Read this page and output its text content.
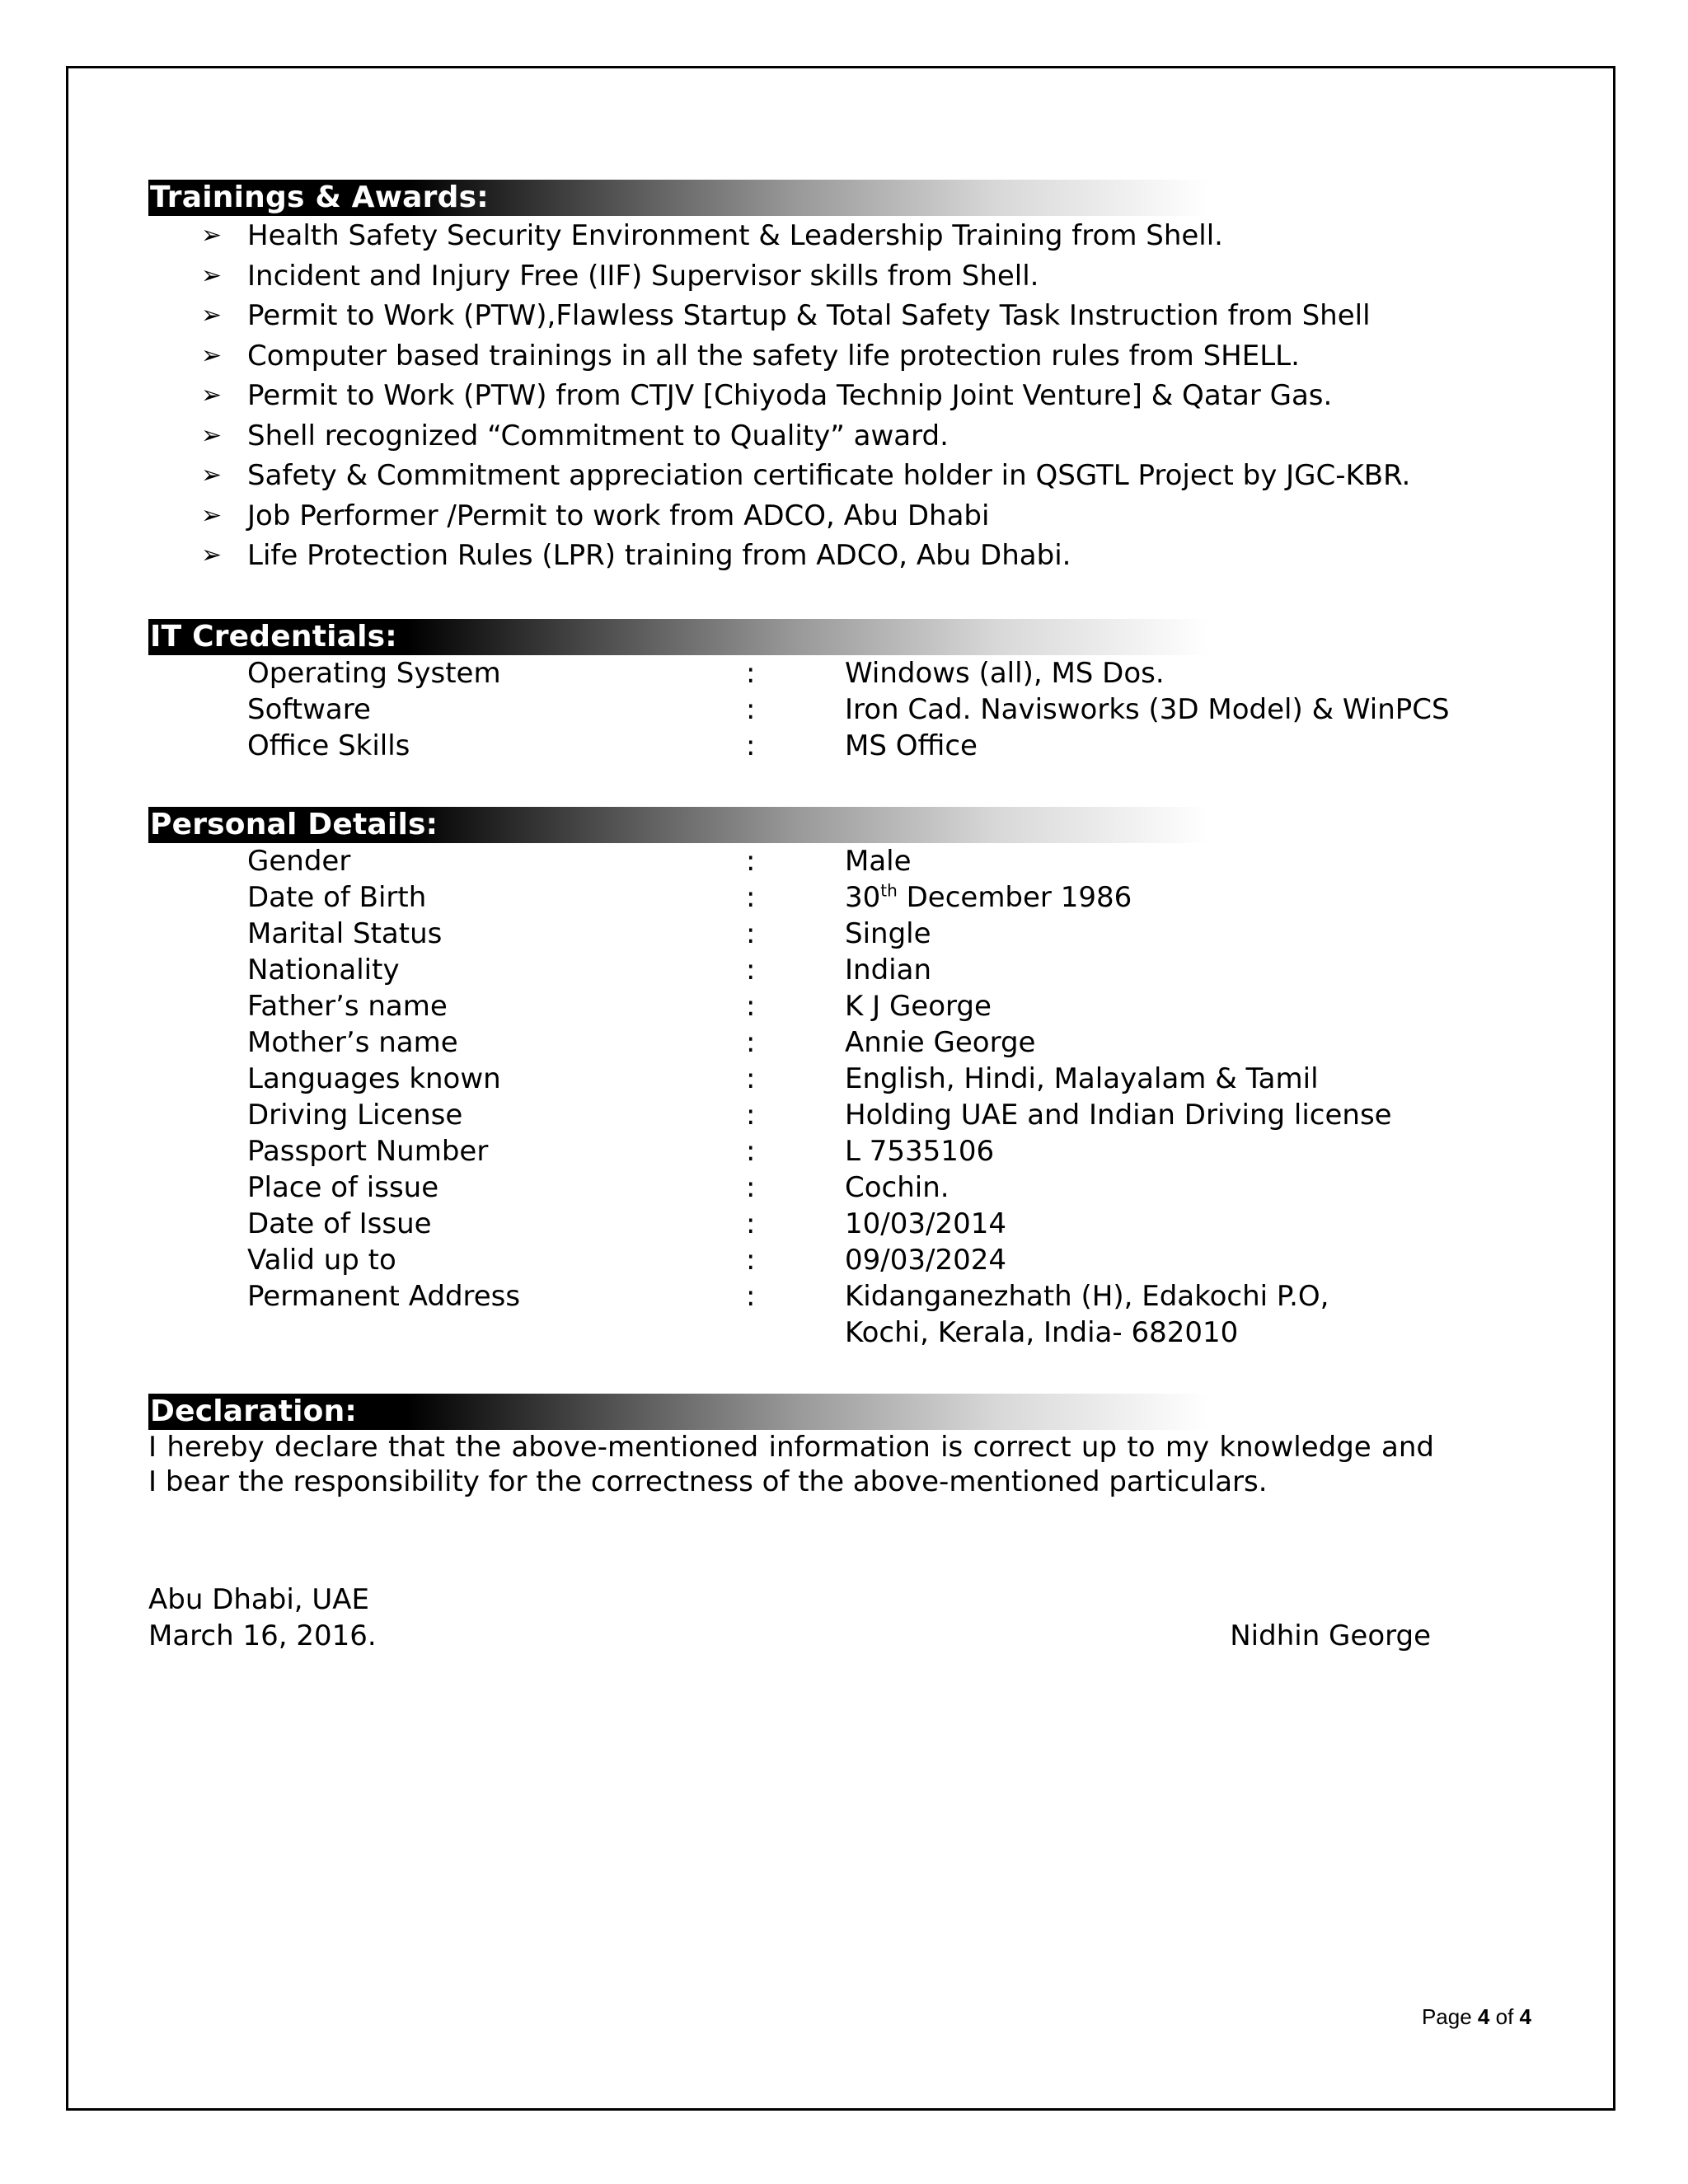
Trainings & Awards:
➢ Health Safety Security Environment & Leadership Training from Shell.
➢ Incident and Injury Free (IIF) Supervisor skills from Shell.
➢ Permit to Work (PTW),Flawless Startup & Total Safety Task Instruction from Shell
➢ Computer based trainings in all the safety life protection rules from SHELL.
➢ Permit to Work (PTW) from CTJV [Chiyoda Technip Joint Venture] & Qatar Gas.
➢ Shell recognized “Commitment to Quality” award.
➢ Safety & Commitment appreciation certificate holder in QSGTL Project by JGC-KBR.
➢ Job Performer /Permit to work from ADCO, Abu Dhabi
➢ Life Protection Rules (LPR) training from ADCO, Abu Dhabi.
IT Credentials:
Operating System	:	Windows (all), MS Dos.
Software	:	Iron Cad. Navisworks (3D Model) & WinPCS
Office Skills	:	MS Office
Personal Details:
Gender	:	Male
Date of Birth	:	30th December 1986
Marital Status	:	Single
Nationality	:	Indian
Father’s name	:	K J George
Mother’s name	:	Annie George
Languages known	:	English, Hindi, Malayalam & Tamil
Driving License	:	Holding UAE and Indian Driving license
Passport Number	:	L 7535106
Place of issue	:	Cochin.
Date of Issue	:	10/03/2014
Valid up to	:	09/03/2024
Permanent Address	:	Kidanganezhath (H), Edakochi P.O,
Kochi, Kerala, India- 682010
Declaration:
I hereby declare that the above-mentioned information is correct up to my knowledge and I bear the responsibility for the correctness of the above-mentioned particulars.
Abu Dhabi, UAE
March 16, 2016.	Nidhin George
Page 4 of 4
